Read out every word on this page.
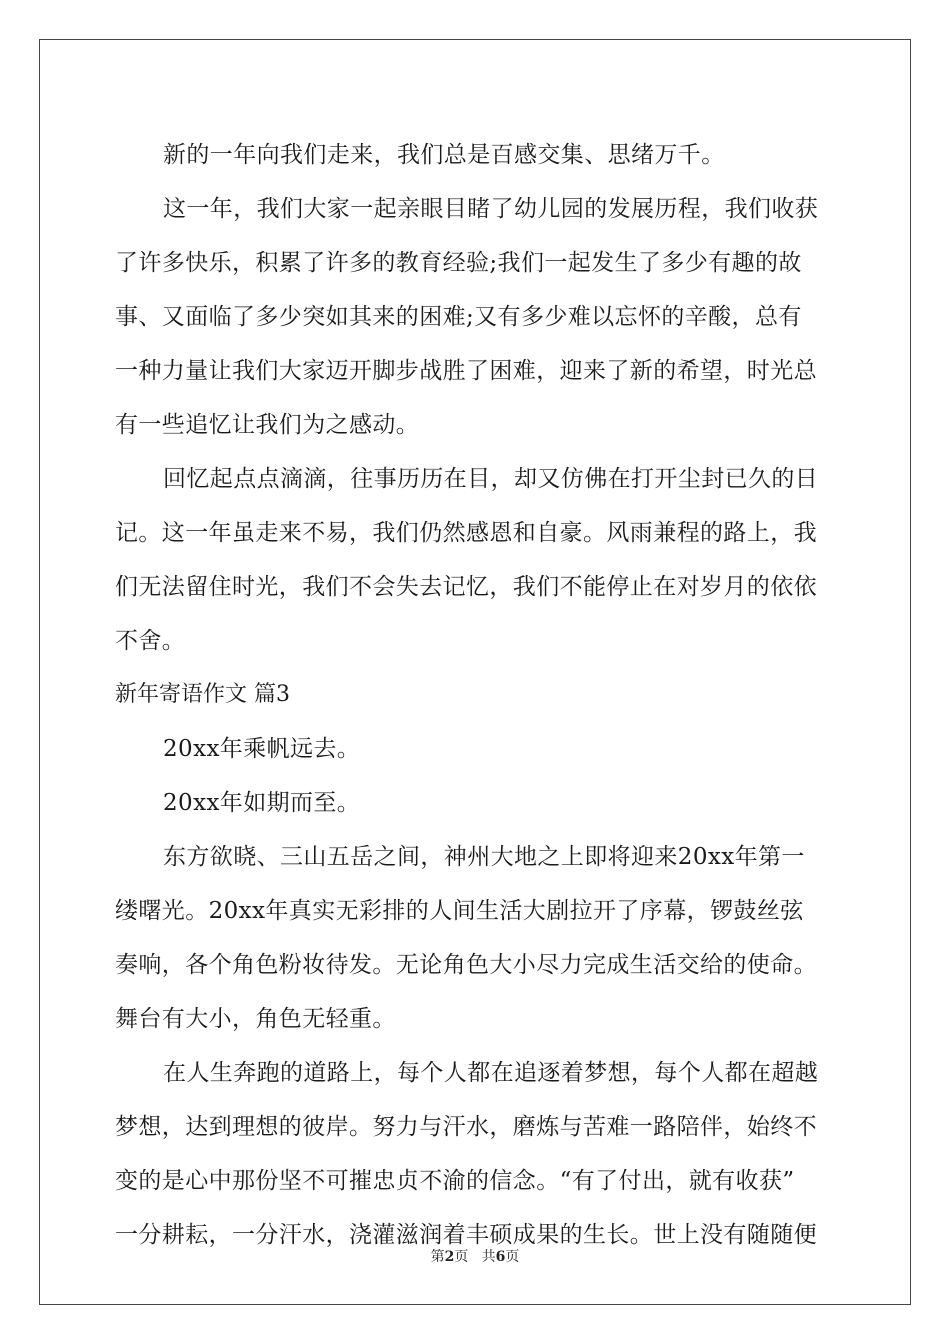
新的一年向我们走来，我们总是百感交集、思绪万千。
这一年，我们大家一起亲眼目睹了幼儿园的发展历程，我们收获
了许多快乐，积累了许多的教育经验;我们一起发生了多少有趣的故
事、又面临了多少突如其来的困难;又有多少难以忘怀的辛酸，总有
一种力量让我们大家迈开脚步战胜了困难，迎来了新的希望，时光总
有一些追忆让我们为之感动。
回忆起点点滴滴，往事历历在目，却又仿佛在打开尘封已久的日
记。这一年虽走来不易，我们仍然感恩和自豪。风雨兼程的路上，我
们无法留住时光，我们不会失去记忆，我们不能停止在对岁月的依依
不舍。
新年寄语作文 篇3
20xx年乘帆远去。
20xx年如期而至。
东方欲晓、三山五岳之间，神州大地之上即将迎来20xx年第一
缕曙光。20xx年真实无彩排的人间生活大剧拉开了序幕，锣鼓丝弦
奏响，各个角色粉妆待发。无论角色大小尽力完成生活交给的使命。
舞台有大小，角色无轻重。
在人生奔跑的道路上，每个人都在追逐着梦想，每个人都在超越
梦想，达到理想的彼岸。努力与汗水，磨炼与苦难一路陪伴，始终不
变的是心中那份坚不可摧忠贞不渝的信念。“有了付出，就有收获”
一分耕耘，一分汗水，浇灌滋润着丰硕成果的生长。世上没有随随便
第2页 共6页
